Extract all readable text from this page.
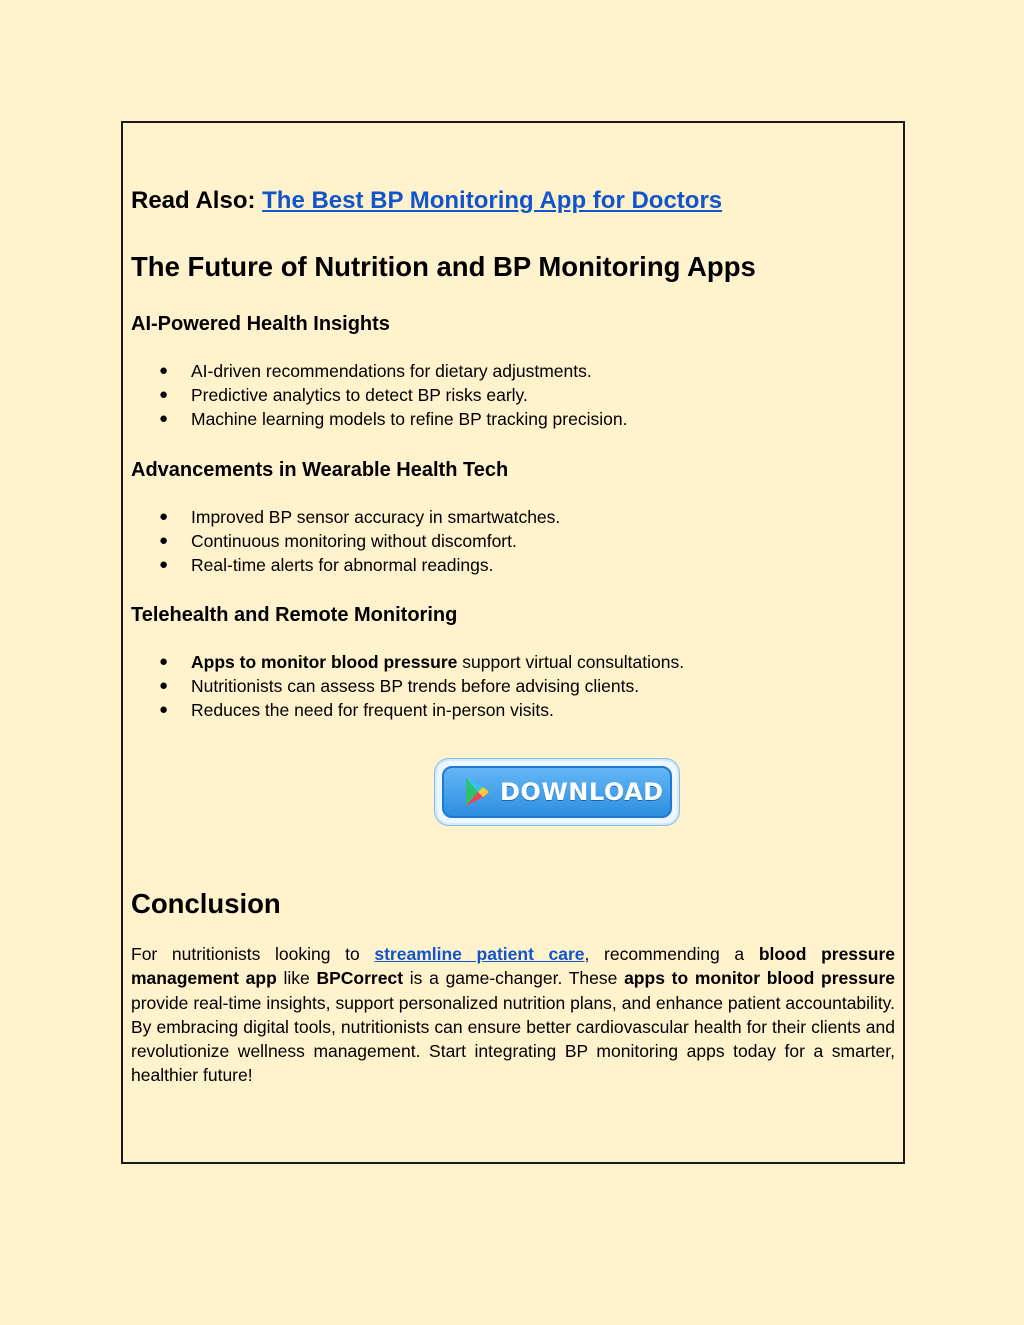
Read Also: The Best BP Monitoring App for Doctors
The Future of Nutrition and BP Monitoring Apps
AI-Powered Health Insights
● AI-driven recommendations for dietary adjustments.
● Predictive analytics to detect BP risks early.
● Machine learning models to refine BP tracking precision.
Advancements in Wearable Health Tech
● Improved BP sensor accuracy in smartwatches.
● Continuous monitoring without discomfort.
● Real-time alerts for abnormal readings.
Telehealth and Remote Monitoring
● Apps to monitor blood pressure support virtual consultations.
● Nutritionists can assess BP trends before advising clients.
● Reduces the need for frequent in-person visits.
DOWNLOAD
Conclusion
For nutritionists looking to streamline patient care, recommending a blood pressure management app like BPCorrect is a game-changer. These apps to monitor blood pressure provide real-time insights, support personalized nutrition plans, and enhance patient accountability. By embracing digital tools, nutritionists can ensure better cardiovascular health for their clients and revolutionize wellness management. Start integrating BP monitoring apps today for a smarter, healthier future!
